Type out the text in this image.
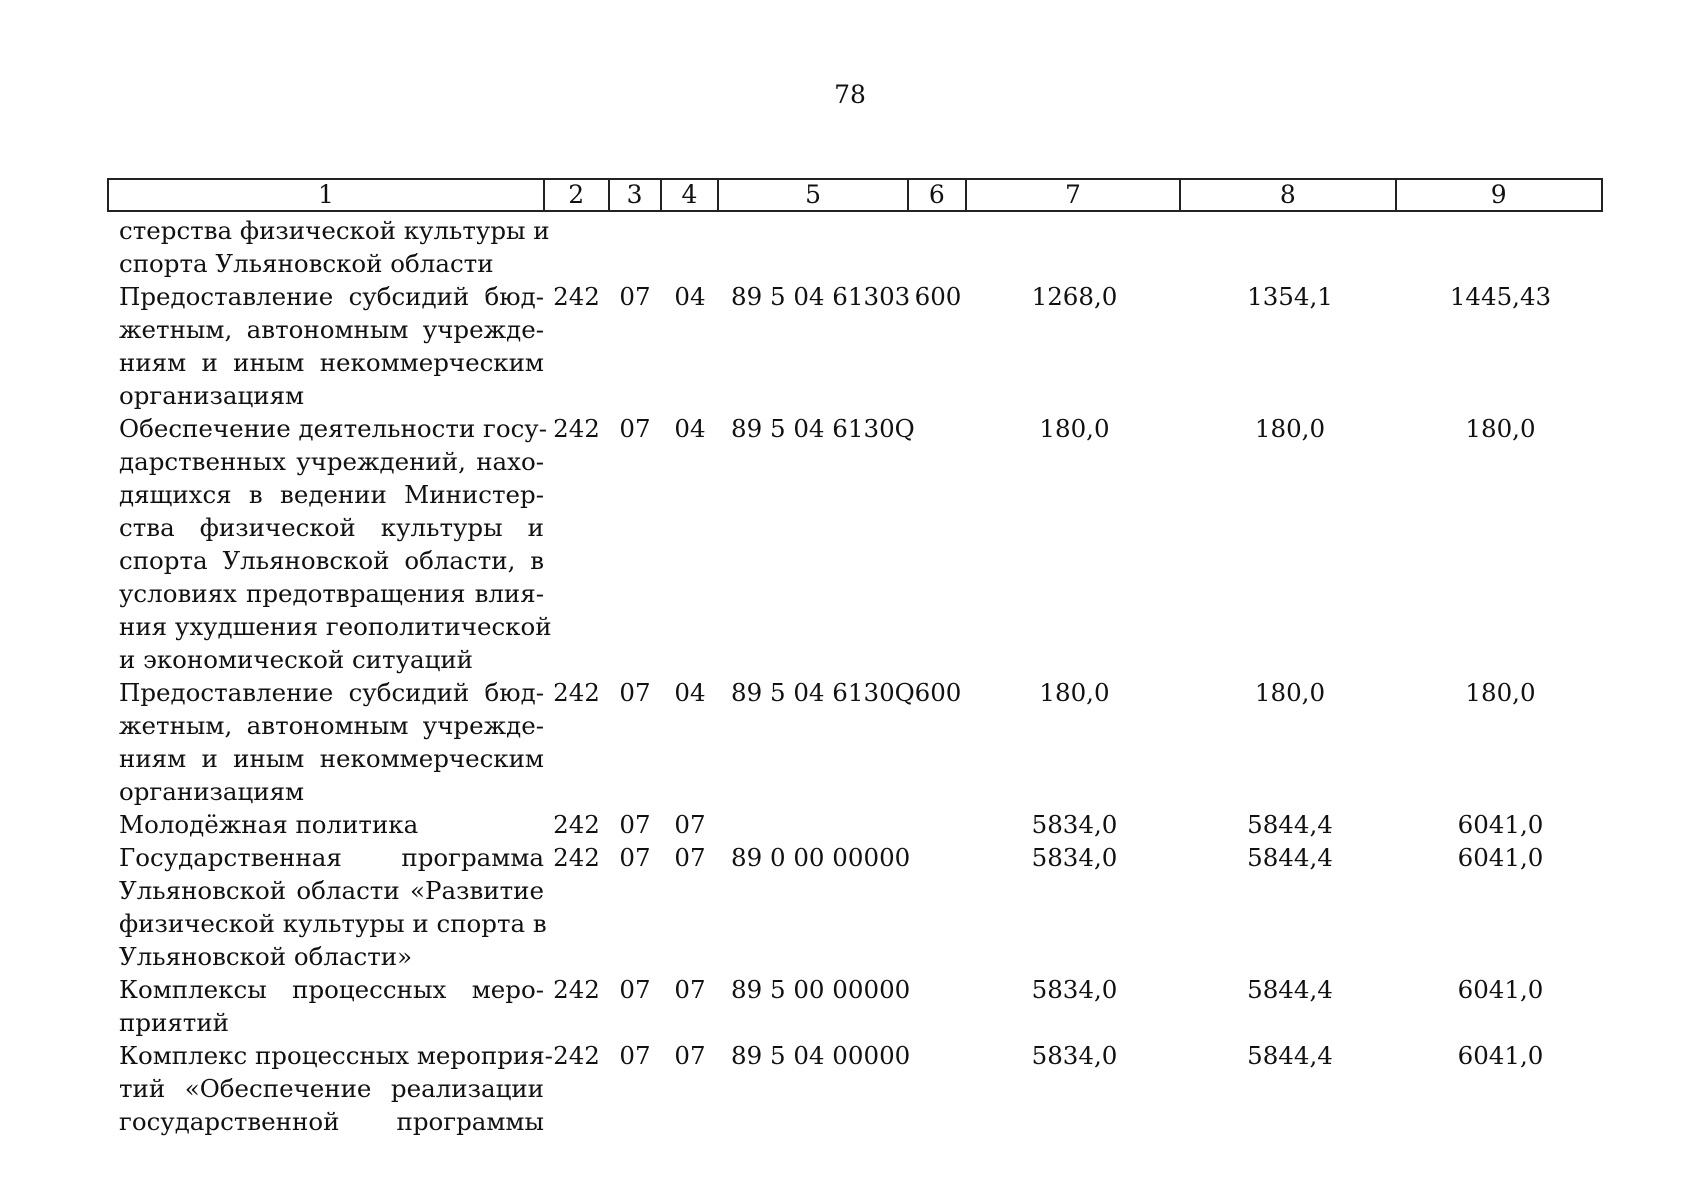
78
1	2	3	4	5	6	7	8	9
стерства физической культуры и
спорта Ульяновской области
Предоставление субсидий бюд-
жетным, автономным учрежде-
ниям и иным некоммерческим
организациям
242 07 04	89 5 04 61303 600	1268,0	1354,1	1445,43
Обеспечение деятельности госу-
дарственных учреждений, нахо-
дящихся в ведении Министер-
ства физической культуры и
спорта Ульяновской области, в
условиях предотвращения влия-
ния ухудшения геополитической
и экономической ситуаций
242 07 04	89 5 04 6130Q	180,0	180,0	180,0
Предоставление субсидий бюд-
жетным, автономным учрежде-
ниям и иным некоммерческим
организациям
242 07 04	89 5 04 6130Q 600	180,0	180,0	180,0
Молодёжная политика	242 07 07	5834,0	5844,4	6041,0
Государственная программа
Ульяновской области «Развитие
физической культуры и спорта в
Ульяновской области»
242 07 07	89 0 00 00000	5834,0	5844,4	6041,0
Комплексы процессных меро-
приятий
242 07 07	89 5 00 00000	5834,0	5844,4	6041,0
Комплекс процессных мероприя-
тий «Обеспечение реализации
государственной программы
242 07 07	89 5 04 00000	5834,0	5844,4	6041,0
